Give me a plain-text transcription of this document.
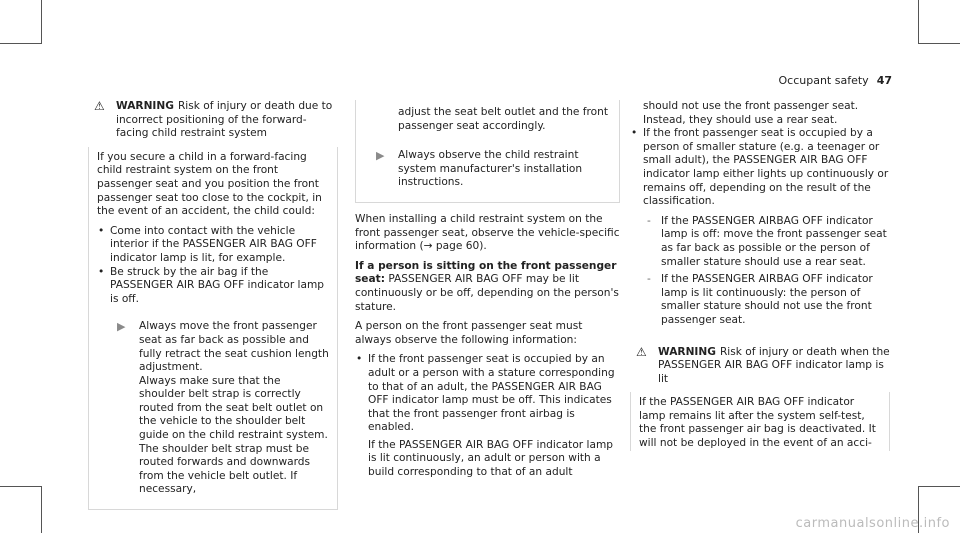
Occupant safety 47
⚠ WARNING Risk of injury or death due to incorrect positioning of the forward-facing child restraint system

If you secure a child in a forward-facing child restraint system on the front passenger seat and you position the front passenger seat too close to the cockpit, in the event of an accident, the child could:

• Come into contact with the vehicle interior if the PASSENGER AIR BAG OFF indicator lamp is lit, for example.
• Be struck by the air bag if the PASSENGER AIR BAG OFF indicator lamp is off.
▶ Always move the front passenger seat as far back as possible and fully retract the seat cushion length adjustment.

Always make sure that the shoulder belt strap is correctly routed from the seat belt outlet on the vehicle to the shoulder belt guide on the child restraint system. The shoulder belt strap must be routed forwards and downwards from the vehicle belt outlet. If necessary,

adjust the seat belt outlet and the front passenger seat accordingly.

▶ Always observe the child restraint system manufacturer's installation instructions.

When installing a child restraint system on the front passenger seat, observe the vehicle-specific information (→ page 60).

If a person is sitting on the front passenger seat: PASSENGER AIR BAG OFF may be lit continuously or be off, depending on the person's stature.

A person on the front passenger seat must always observe the following information:

• If the front passenger seat is occupied by an adult or a person with a stature corresponding to that of an adult, the PASSENGER AIR BAG OFF indicator lamp must be off. This indicates that the front passenger front airbag is enabled.

If the PASSENGER AIR BAG OFF indicator lamp is lit continuously, an adult or person with a build corresponding to that of an adult

should not use the front passenger seat. Instead, they should use a rear seat.
• If the front passenger seat is occupied by a person of smaller stature (e.g. a teenager or small adult), the PASSENGER AIR BAG OFF indicator lamp either lights up continuously or remains off, depending on the result of the classification.
- If the PASSENGER AIRBAG OFF indicator lamp is off: move the front passenger seat as far back as possible or the person of smaller stature should use a rear seat.
- If the PASSENGER AIRBAG OFF indicator lamp is lit continuously: the person of smaller stature should not use the front passenger seat.
⚠ WARNING Risk of injury or death when the PASSENGER AIR BAG OFF indicator lamp is lit

If the PASSENGER AIR BAG OFF indicator lamp remains lit after the system self-test, the front passenger air bag is deactivated. It will not be deployed in the event of an acci-

carmanualsonline.info
